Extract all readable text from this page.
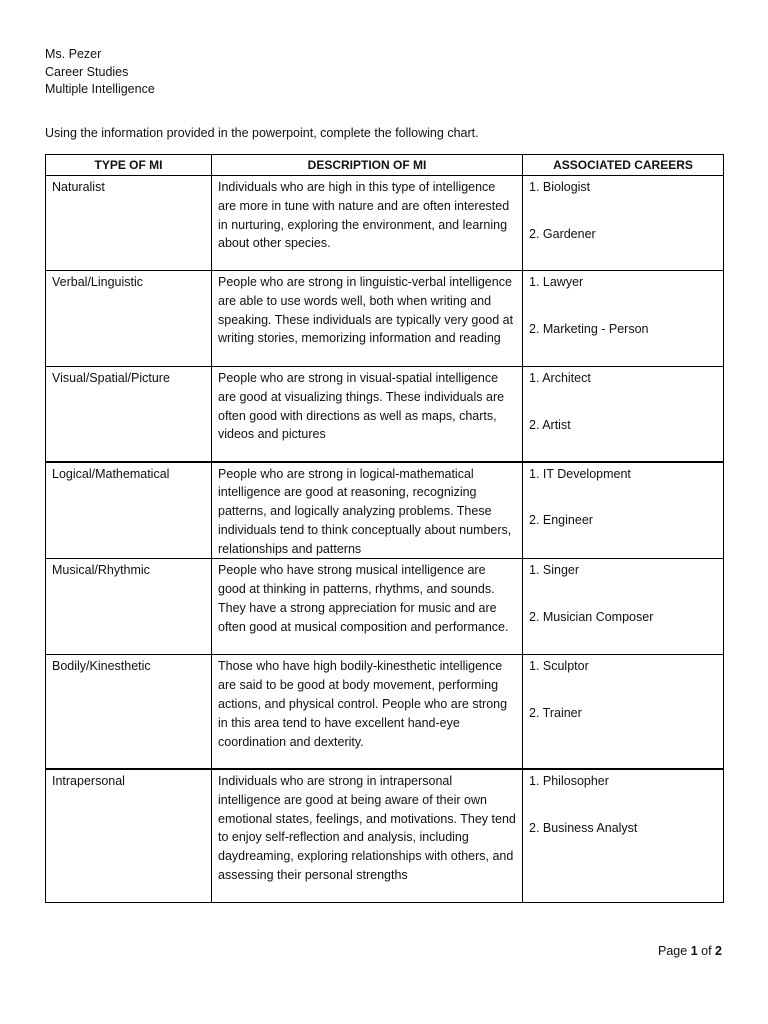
Ms. Pezer
Career Studies
Multiple Intelligence
Using the information provided in the powerpoint, complete the following chart.
TYPE OF MI	DESCRIPTION OF MI	ASSOCIATED CAREERS
Naturalist	Individuals who are high in this type of intelligence are more in tune with nature and are often interested in nurturing, exploring the environment, and learning about other species.	1. Biologist
2. Gardener

Verbal/Linguistic	People who are strong in linguistic-verbal intelligence are able to use words well, both when writing and speaking. These individuals are typically very good at writing stories, memorizing information and reading	1. Lawyer
2. Marketing - Person

Visual/Spatial/Picture	People who are strong in visual-spatial intelligence are good at visualizing things. These individuals are often good with directions as well as maps, charts, videos and pictures	1. Architect
2. Artist

Logical/Mathematical	People who are strong in logical-mathematical intelligence are good at reasoning, recognizing patterns, and logically analyzing problems. These individuals tend to think conceptually about numbers, relationships and patterns	1. IT Development
2. Engineer

Musical/Rhythmic	People who have strong musical intelligence are good at thinking in patterns, rhythms, and sounds. They have a strong appreciation for music and are often good at musical composition and performance.	1. Singer
2. Musician Composer

Bodily/Kinesthetic	Those who have high bodily-kinesthetic intelligence are said to be good at body movement, performing actions, and physical control. People who are strong in this area tend to have excellent hand-eye coordination and dexterity.	1. Sculptor
2. Trainer

Intrapersonal	Individuals who are strong in intrapersonal intelligence are good at being aware of their own emotional states, feelings, and motivations. They tend to enjoy self-reflection and analysis, including daydreaming, exploring relationships with others, and assessing their personal strengths	1. Philosopher
2. Business Analyst
Page 1 of 2
